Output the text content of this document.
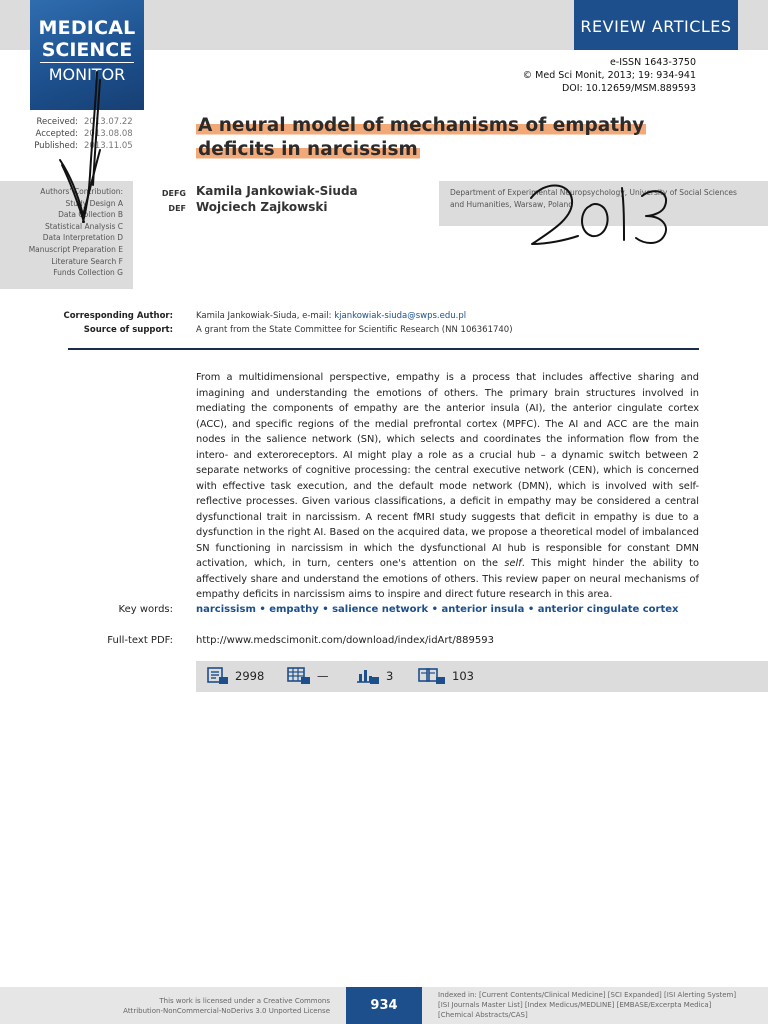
MEDICAL
SCIENCE
MONITOR
REVIEW ARTICLES
e-ISSN 1643-3750
© Med Sci Monit, 2013; 19: 934-941
DOI: 10.12659/MSM.889593
Received: 2013.07.22
Accepted: 2013.08.08
Published: 2013.11.05
A neural model of mechanisms of empathy
deficits in narcissism
Authors' Contribution:
Study Design A
Data Collection B
Statistical Analysis C
Data Interpretation D
Manuscript Preparation E
Literature Search F
Funds Collection G
DEFG
DEF
Kamila Jankowiak-Siuda
Wojciech Zajkowski
Department of Experimental Neuropsychology, University of Social Sciences and Humanities, Warsaw, Poland
Corresponding Author:	Kamila Jankowiak-Siuda, e-mail: kjankowiak-siuda@swps.edu.pl
Source of support:	A grant from the State Committee for Scientific Research (NN 106361740)
From a multidimensional perspective, empathy is a process that includes affective sharing and imagining and understanding the emotions of others. The primary brain structures involved in mediating the components of empathy are the anterior insula (AI), the anterior cingulate cortex (ACC), and specific regions of the medial prefrontal cortex (MPFC). The AI and ACC are the main nodes in the salience network (SN), which selects and coordinates the information flow from the intero- and exteroreceptors. AI might play a role as a crucial hub – a dynamic switch between 2 separate networks of cognitive processing: the central executive network (CEN), which is concerned with effective task execution, and the default mode network (DMN), which is involved with self-reflective processes. Given various classifications, a deficit in empathy may be considered a central dysfunctional trait in narcissism. A recent fMRI study suggests that deficit in empathy is due to a dysfunction in the right AI. Based on the acquired data, we propose a theoretical model of imbalanced SN functioning in narcissism in which the dysfunctional AI hub is responsible for constant DMN activation, which, in turn, centers one's attention on the self. This might hinder the ability to affectively share and understand the emotions of others. This review paper on neural mechanisms of empathy deficits in narcissism aims to inspire and direct future research in this area.
Key words: narcissism • empathy • salience network • anterior insula • anterior cingulate cortex
Full-text PDF: http://www.medscimonit.com/download/index/idArt/889593
2998	—	3	103
This work is licensed under a Creative Commons
Attribution-NonCommercial-NoDerivs 3.0 Unported License	934
Indexed in: [Current Contents/Clinical Medicine] [SCI Expanded] [ISI Alerting System]
[ISI Journals Master List] [Index Medicus/MEDLINE] [EMBASE/Excerpta Medica]
[Chemical Abstracts/CAS]
